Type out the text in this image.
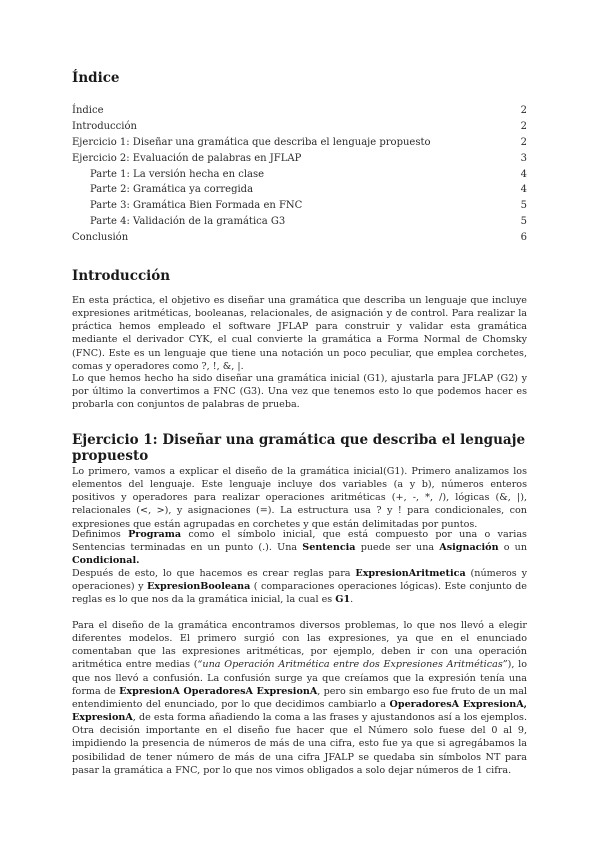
Índice
Índice	2
Introducción	2
Ejercicio 1: Diseñar una gramática que describa el lenguaje propuesto	2
Ejercicio 2: Evaluación de palabras en JFLAP	3
Parte 1: La versión hecha en clase	4
Parte 2: Gramática ya corregida	4
Parte 3: Gramática Bien Formada en FNC	5
Parte 4: Validación de la gramática G3	5
Conclusión	6
Introducción

En esta práctica, el objetivo es diseñar una gramática que describa un lenguaje que incluye expresiones aritméticas, booleanas, relacionales, de asignación y de control. Para realizar la práctica hemos empleado el software JFLAP para construir y validar esta gramática mediante el derivador CYK, el cual convierte la gramática a Forma Normal de Chomsky (FNC). Este es un lenguaje que tiene una notación un poco peculiar, que emplea corchetes, comas y operadores como ?, !, &, |.

Lo que hemos hecho ha sido diseñar una gramática inicial (G1), ajustarla para JFLAP (G2) y por último la convertimos a FNC (G3). Una vez que tenemos esto lo que podemos hacer es probarla con conjuntos de palabras de prueba.

Ejercicio 1: Diseñar una gramática que describa el lenguaje propuesto

Lo primero, vamos a explicar el diseño de la gramática inicial(G1). Primero analizamos los elementos del lenguaje. Este lenguaje incluye dos variables (a y b), números enteros positivos y operadores para realizar operaciones aritméticas (+, -, *, /), lógicas (&, |), relacionales (<, >), y asignaciones (=). La estructura usa ? y ! para condicionales, con expresiones que están agrupadas en corchetes y que están delimitadas por puntos.

Definimos Programa como el símbolo inicial, que está compuesto por una o varias Sentencias terminadas en un punto (.). Una Sentencia puede ser una Asignación o un Condicional.

Después de esto, lo que hacemos es crear reglas para ExpresionAritmetica (números y operaciones) y ExpresionBooleana ( comparaciones operaciones lógicas). Este conjunto de reglas es lo que nos da la gramática inicial, la cual es G1.

Para el diseño de la gramática encontramos diversos problemas, lo que nos llevó a elegir diferentes modelos. El primero surgió con las expresiones, ya que en el enunciado comentaban que las expresiones aritméticas, por ejemplo, deben ir con una operación aritmética entre medias (“una Operación Aritmética entre dos Expresiones Aritméticas”), lo que nos llevó a confusión. La confusión surge ya que creíamos que la expresión tenía una forma de ExpresionA OperadoresA ExpresionA, pero sin embargo eso fue fruto de un mal entendimiento del enunciado, por lo que decidimos cambiarlo a OperadoresA ExpresionA, ExpresionA, de esta forma añadiendo la coma a las frases y ajustandonos así a los ejemplos. Otra decisión importante en el diseño fue hacer que el Número solo fuese del 0 al 9, impidiendo la presencia de números de más de una cifra, esto fue ya que si agregábamos la posibilidad de tener número de más de una cifra JFALP se quedaba sin símbolos NT para pasar la gramática a FNC, por lo que nos vimos obligados a solo dejar números de 1 cifra.
